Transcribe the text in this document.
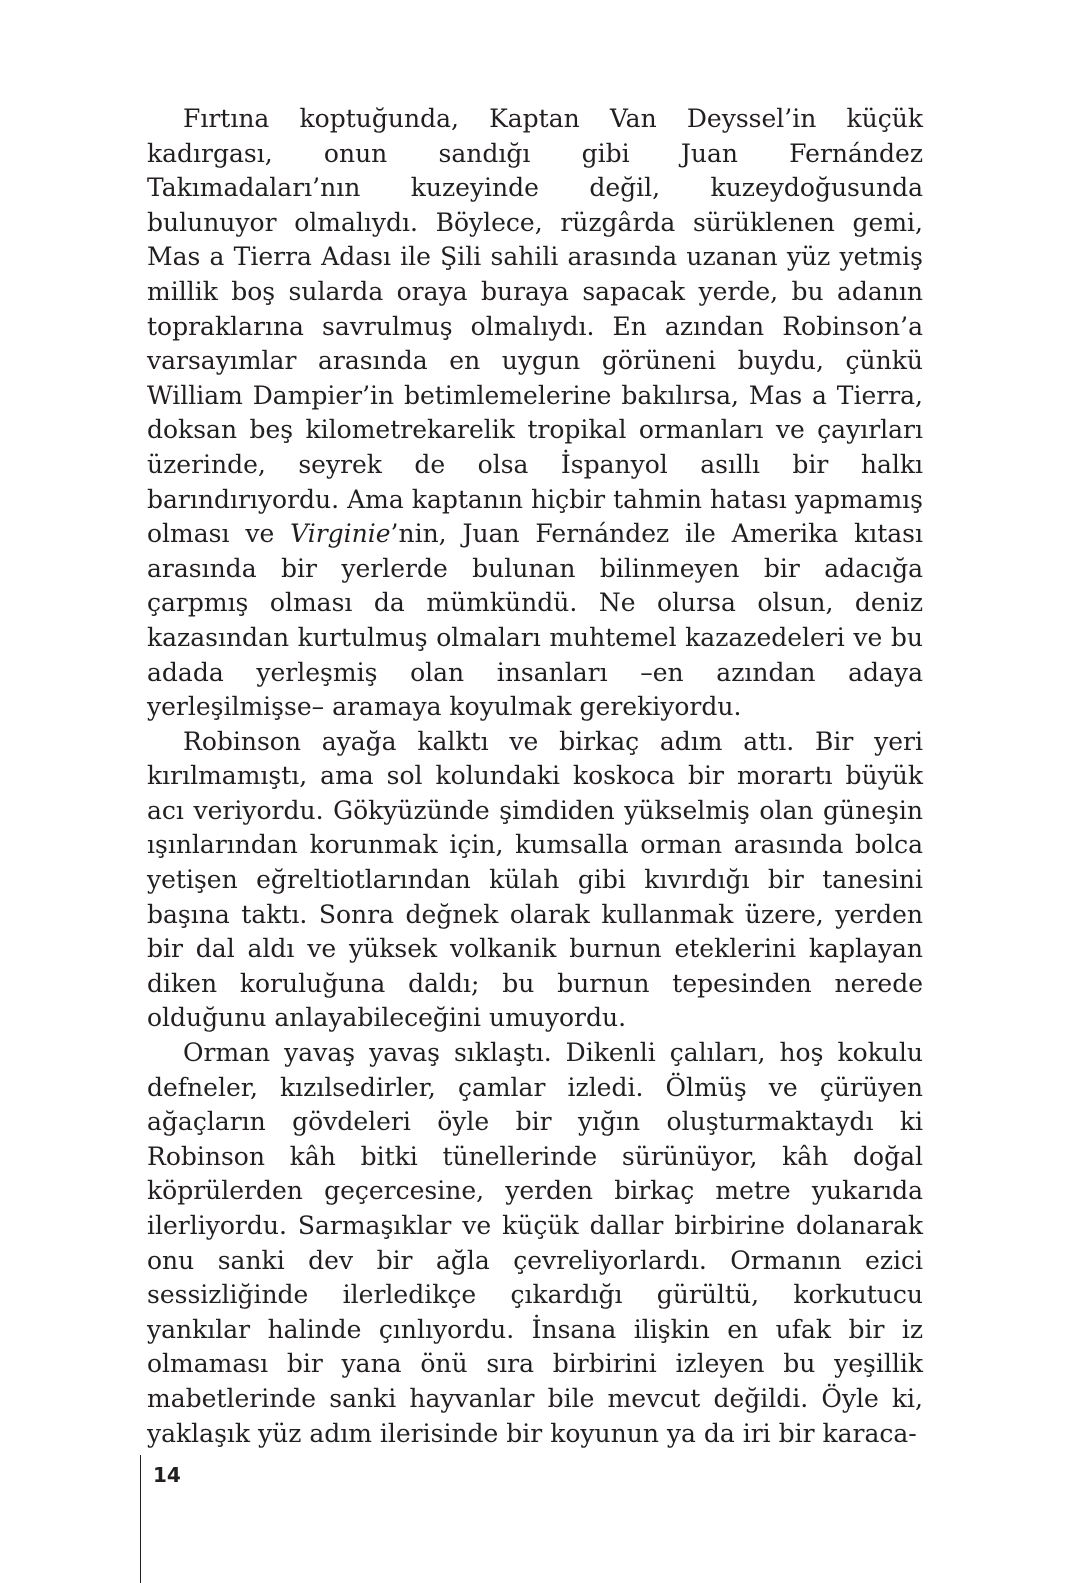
Fırtına koptuğunda, Kaptan Van Deyssel’in küçük kadırgası, onun sandığı gibi Juan Fernández Takımadaları’nın kuzeyinde değil, kuzeydoğusunda bulunuyor olmalıydı. Böylece, rüzgârda sürüklenen gemi, Mas a Tierra Adası ile Şili sahili arasında uzanan yüz yetmiş millik boş sularda oraya buraya sapacak yerde, bu adanın topraklarına savrulmuş olmalıydı. En azından Robinson’a varsayımlar arasında en uygun görüneni buydu, çünkü William Dampier’in betimlemelerine bakılırsa, Mas a Tierra, doksan beş kilometrekarelik tropikal ormanları ve çayırları üzerinde, seyrek de olsa İspanyol asıllı bir halkı barındırıyordu. Ama kaptanın hiçbir tahmin hatası yapmamış olması ve Virginie’nin, Juan Fernández ile Amerika kıtası arasında bir yerlerde bulunan bilinmeyen bir adacığa çarpmış olması da mümkündü. Ne olursa olsun, deniz kazasından kurtulmuş olmaları muhtemel kazazedeleri ve bu adada yerleşmiş olan insanları –en azından adaya yerleşilmişse– aramaya koyulmak gerekiyordu.

Robinson ayağa kalktı ve birkaç adım attı. Bir yeri kırılmamıştı, ama sol kolundaki koskoca bir morartı büyük acı veriyordu. Gökyüzünde şimdiden yükselmiş olan güneşin ışınlarından korunmak için, kumsalla orman arasında bolca yetişen eğreltiotlarından külah gibi kıvırdığı bir tanesini başına taktı. Sonra değnek olarak kullanmak üzere, yerden bir dal aldı ve yüksek volkanik burnun eteklerini kaplayan diken koruluğuna daldı; bu burnun tepesinden nerede olduğunu anlayabileceğini umuyordu.

Orman yavaş yavaş sıklaştı. Dikenli çalıları, hoş kokulu defneler, kızılsedirler, çamlar izledi. Ölmüş ve çürüyen ağaçların gövdeleri öyle bir yığın oluşturmaktaydı ki Robinson kâh bitki tünellerinde sürünüyor, kâh doğal köprülerden geçercesine, yerden birkaç metre yukarıda ilerliyordu. Sarmaşıklar ve küçük dallar birbirine dolanarak onu sanki dev bir ağla çevreliyorlardı. Ormanın ezici sessizliğinde ilerledikçe çıkardığı gürültü, korkutucu yankılar halinde çınlıyordu. İnsana ilişkin en ufak bir iz olmaması bir yana önü sıra birbirini izleyen bu yeşillik mabetlerinde sanki hayvanlar bile mevcut değildi. Öyle ki, yaklaşık yüz adım ilerisinde bir koyunun ya da iri bir karaca-

14
